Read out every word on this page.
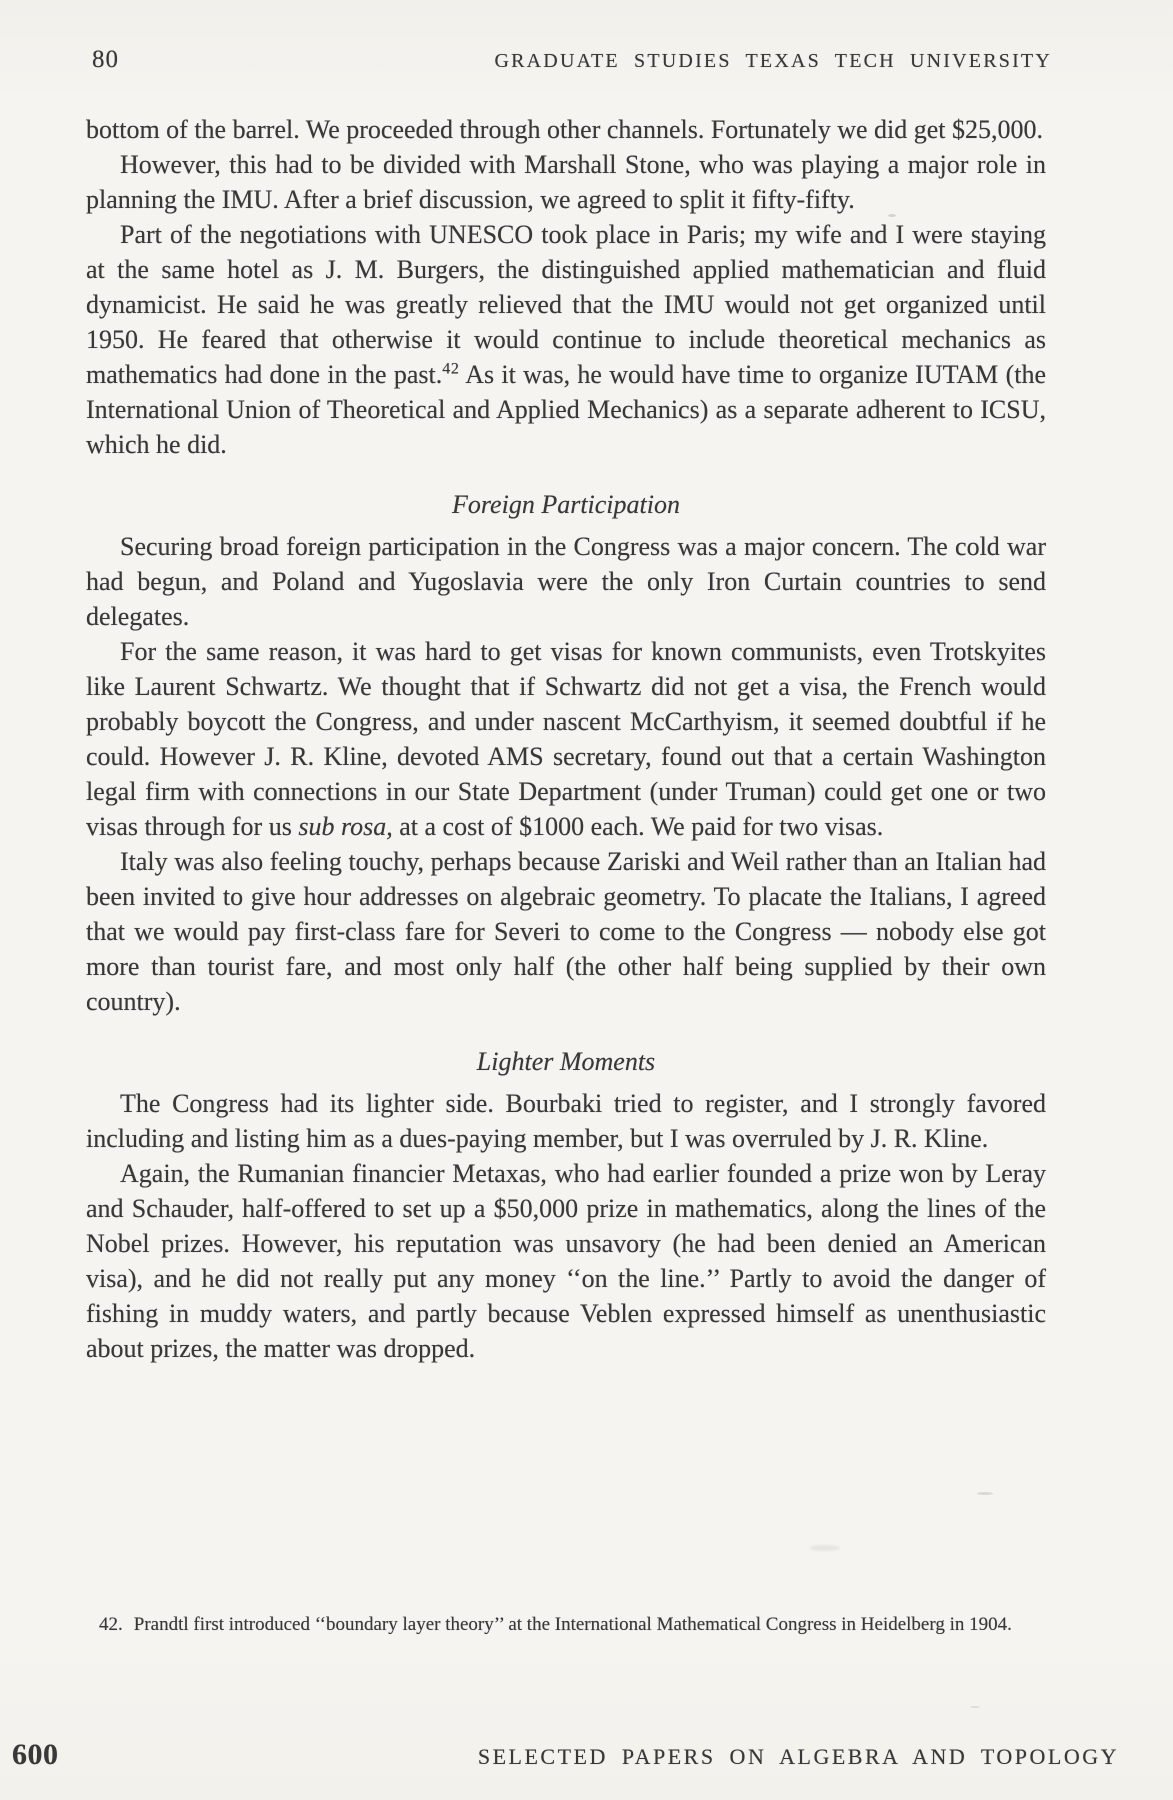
80	GRADUATE STUDIES TEXAS TECH UNIVERSITY

bottom of the barrel. We proceeded through other channels. Fortunately we did get $25,000.

However, this had to be divided with Marshall Stone, who was playing a major role in planning the IMU. After a brief discussion, we agreed to split it fifty-fifty.

Part of the negotiations with UNESCO took place in Paris; my wife and I were staying at the same hotel as J. M. Burgers, the distinguished applied mathematician and fluid dynamicist. He said he was greatly relieved that the IMU would not get organized until 1950. He feared that otherwise it would continue to include theoretical mechanics as mathematics had done in the past.$^{42}$ As it was, he would have time to organize IUTAM (the International Union of Theoretical and Applied Mechanics) as a separate adherent to ICSU, which he did.

Foreign Participation

Securing broad foreign participation in the Congress was a major concern. The cold war had begun, and Poland and Yugoslavia were the only Iron Curtain countries to send delegates.

For the same reason, it was hard to get visas for known communists, even Trotskyites like Laurent Schwartz. We thought that if Schwartz did not get a visa, the French would probably boycott the Congress, and under nascent McCarthyism, it seemed doubtful if he could. However J. R. Kline, devoted AMS secretary, found out that a certain Washington legal firm with connections in our State Department (under Truman) could get one or two visas through for us sub rosa, at a cost of $1000 each. We paid for two visas.

Italy was also feeling touchy, perhaps because Zariski and Weil rather than an Italian had been invited to give hour addresses on algebraic geometry. To placate the Italians, I agreed that we would pay first-class fare for Severi to come to the Congress — nobody else got more than tourist fare, and most only half (the other half being supplied by their own country).

Lighter Moments

The Congress had its lighter side. Bourbaki tried to register, and I strongly favored including and listing him as a dues-paying member, but I was overruled by J. R. Kline.

Again, the Rumanian financier Metaxas, who had earlier founded a prize won by Leray and Schauder, half-offered to set up a $50,000 prize in mathematics, along the lines of the Nobel prizes. However, his reputation was unsavory (he had been denied an American visa), and he did not really put any money ‘‘on the line.’’ Partly to avoid the danger of fishing in muddy waters, and partly because Veblen expressed himself as unenthusiastic about prizes, the matter was dropped.

42. Prandtl first introduced ‘‘boundary layer theory’’ at the International Mathematical Congress in Heidelberg in 1904.
600	SELECTED PAPERS ON ALGEBRA AND TOPOLOGY
